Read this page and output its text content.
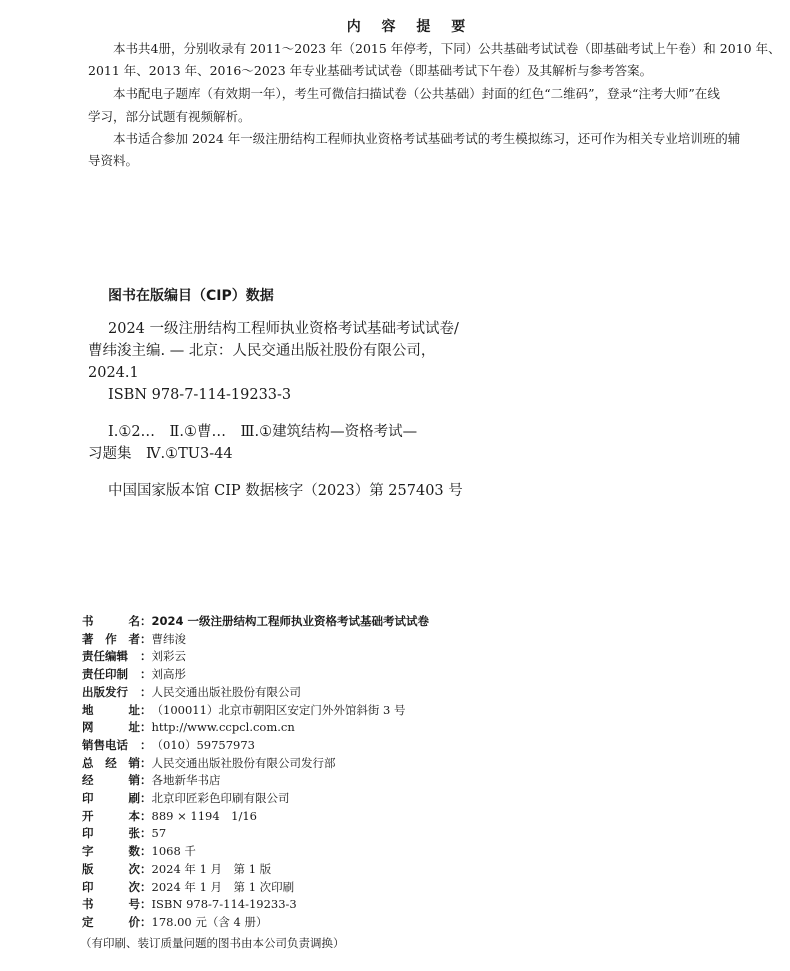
内 容 提 要
本书共4册，分别收录有 2011～2023 年（2015 年停考，下同）公共基础考试试卷（即基础考试上午卷）和 2010 年、
2011 年、2013 年、2016～2023 年专业基础考试试卷（即基础考试下午卷）及其解析与参考答案。
本书配电子题库（有效期一年），考生可微信扫描试卷（公共基础）封面的红色“二维码”，登录“注考大师”在线
学习，部分试题有视频解析。
本书适合参加 2024 年一级注册结构工程师执业资格考试基础考试的考生模拟练习，还可作为相关专业培训班的辅
导资料。
图书在版编目（CIP）数据
2024 一级注册结构工程师执业资格考试基础考试试卷/
曹纬浚主编. — 北京：人民交通出版社股份有限公司，
2024.1
ISBN 978-7-114-19233-3
Ⅰ.①2…　Ⅱ.①曹…　Ⅲ.①建筑结构—资格考试—
习题集　Ⅳ.①TU3-44
中国国家版本馆 CIP 数据核字（2023）第 257403 号
书	名 ： 2024 一级注册结构工程师执业资格考试基础考试试卷
著 作 者 ： 曹纬浚
责任编辑 ： 刘彩云
责任印制 ： 刘高彤
出版发行 ： 人民交通出版社股份有限公司
地	址 ： （100011）北京市朝阳区安定门外外馆斜街 3 号
网	址 ： http://www.ccpcl.com.cn
销售电话 ： （010）59757973
总 经 销 ： 人民交通出版社股份有限公司发行部
经	销 ： 各地新华书店
印	刷 ： 北京印匠彩色印刷有限公司
开	本 ： 889 × 1194　1/16
印	张 ： 57
字	数 ： 1068 千
版	次 ： 2024 年 1 月　第 1 版
印	次 ： 2024 年 1 月　第 1 次印刷
书	号 ： ISBN 978-7-114-19233-3
定	价 ： 178.00 元（含 4 册）
（有印刷、装订质量问题的图书由本公司负责调换）
